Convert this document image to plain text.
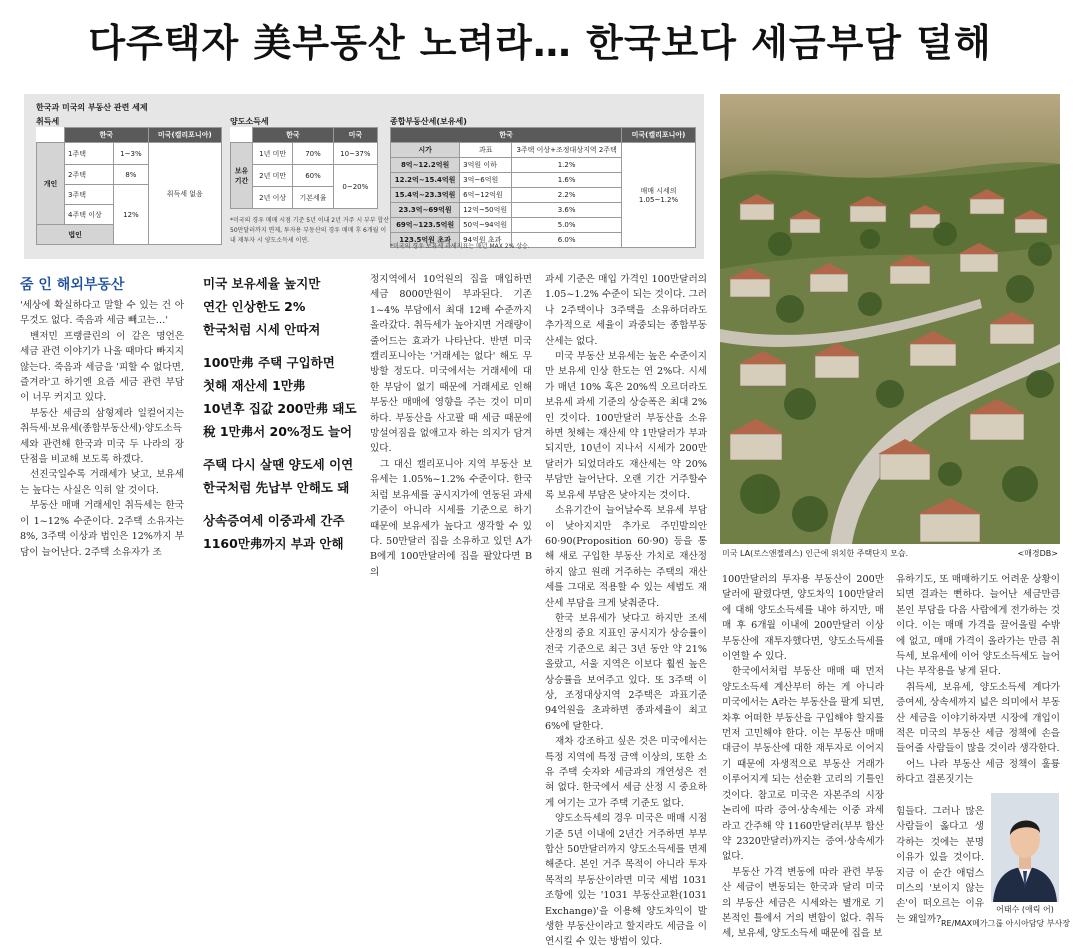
다주택자 美부동산 노려라… 한국보다 세금부담 덜해
한국과 미국의 부동산 관련 세제
취득세
	한국		미국(캘리포니아)
개인	1주택	1~3%	취득세 없음
	2주택	8%	
	3주택	12%	
	4주택 이상		
법인			
양도소득세
	한국		미국
보유 기간	1년 미만	70%	10~37%
	2년 미만	60%	0~20%
	2년 이상	기본세율	
*미국의 경우 매매 시점 기준 5년 이내 2년 거주 시 부부 합산 50만달러까지 면제, 투자용 부동산의 경우 매매 후 6개월 이내 재투자 시 양도소득세 이연.
종합부동산세(보유세)
한국			미국(캘리포니아)
시가	과표	3주택 이상+조정대상지역 2주택	매매 시세의 1.05~1.2%
8억~12.2억원	3억원 이하	1.2%	
12.2억~15.4억원	3억~6억원	1.6%	
15.4억~23.3억원	6억~12억원	2.2%	
23.3억~69억원	12억~50억원	3.6%	
69억~123.5억원	50억~94억원	5.0%	
123.5억원 초과	94억원 초과	6.0%	
*미국의 경우 보유세 과세지표는 매년 MAX 2% 상승.
미국 LA(로스앤젤레스) 인근에 위치한 주택단지 모습.	<매경DB>
줌 인 해외부동산

'세상에 확실하다고 말할 수 있는 건 아무것도 없다. 죽음과 세금 빼고는…'

벤저민 프랭클린의 이 같은 명언은 세금 관련 이야기가 나올 때마다 빠지지 않는다. 죽음과 세금을 '피할 수 없다면, 즐겨라'고 하기엔 요즘 세금 관련 부담이 너무 커지고 있다.

부동산 세금의 삼형제라 일컬어지는 취득세·보유세(종합부동산세)·양도소득세와 관련해 한국과 미국 두 나라의 장단점을 비교해 보도록 하겠다.

선진국일수록 거래세가 낮고, 보유세는 높다는 사실은 익히 알 것이다.

부동산 매매 거래세인 취득세는 한국이 1~12% 수준이다. 2주택 소유자는 8%, 3주택 이상과 법인은 12%까지 부담이 늘어난다. 2주택 소유자가 조

미국 보유세율 높지만
연간 인상한도 2%
한국처럼 시세 안따져
100만弗 주택 구입하면
첫해 재산세 1만弗
10년후 집값 200만弗 돼도
稅 1만弗서 20%정도 늘어
주택 다시 살땐 양도세 이연
한국처럼 先납부 안해도 돼
상속증여세 이중과세 간주
1160만弗까지 부과 안해

정지역에서 10억원의 집을 매입하면 세금 8000만원이 부과된다. 기존 1~4% 부담에서 최대 12배 수준까지 올라갔다. 취득세가 높아지면 거래량이 줄어드는 효과가 나타난다. 반면 미국 캘리포니아는 '거래세는 없다' 해도 무방할 정도다. 미국에서는 거래세에 대한 부담이 없기 때문에 거래세로 인해 부동산 매매에 영향을 주는 것이 미미하다. 부동산을 사고팔 때 세금 때문에 망설여짐을 없애고자 하는 의지가 담겨 있다.

그 대신 캘리포니아 지역 부동산 보유세는 1.05%~1.2% 수준이다. 한국처럼 보유세를 공시지가에 연동된 과세 기준이 아니라 시세를 기준으로 하기 때문에 보유세가 높다고 생각할 수 있다. 50만달러 집을 소유하고 있던 A가 B에게 100만달러에 집을 팔았다면 B의

과세 기준은 매입 가격인 100만달러의 1.05~1.2% 수준이 되는 것이다. 그러나 2주택이나 3주택을 소유하더라도 추가적으로 세율이 과중되는 종합부동산세는 없다.

미국 부동산 보유세는 높은 수준이지만 보유세 인상 한도는 연 2%다. 시세가 매년 10% 혹은 20%씩 오르더라도 보유세 과세 기준의 상승폭은 최대 2%인 것이다. 100만달러 부동산을 소유하면 첫해는 재산세 약 1만달러가 부과되지만, 10년이 지나서 시세가 200만달러가 되었더라도 재산세는 약 20% 부담만 늘어난다. 오랜 기간 거주할수록 보유세 부담은 낮아지는 것이다.

소유기간이 늘어날수록 보유세 부담이 낮아지지만 추가로 주민발의안 60·90(Proposition 60·90) 등을 통해 새로 구입한 부동산 가치로 재산정하지 않고 원래 거주하는 주택의 재산세를 그대로 적용할 수 있는 세법도 재산세 부담을 크게 낮춰준다.

한국 보유세가 낮다고 하지만 조세 산정의 중요 지표인 공시지가 상승률이 전국 기준으로 최근 3년 동안 약 21% 올랐고, 서울 지역은 이보다 훨씬 높은 상승률을 보여주고 있다. 또 3주택 이상, 조정대상지역 2주택은 과표기준 94억원을 초과하면 종과세율이 최고 6%에 달한다.

재차 강조하고 싶은 것은 미국에서는 특정 지역에 특정 금액 이상의, 또한 소유 주택 숫자와 세금과의 개연성은 전혀 없다. 한국에서 세금 산정 시 중요하게 여기는 고가 주택 기준도 없다.

양도소득세의 경우 미국은 매매 시점 기준 5년 이내에 2년간 거주하면 부부 합산 50만달러까지 양도소득세를 면제해준다. 본인 거주 목적이 아니라 투자 목적의 부동산이라면 미국 세법 1031조항에 있는 '1031 부동산교환(1031 Exchange)'을 이용해 양도차익이 발생한 부동산이라고 할지라도 세금을 이연시킬 수 있는 방법이 있다.

100만달러의 투자용 부동산이 200만달러에 팔렸다면, 양도차익 100만달러에 대해 양도소득세를 내야 하지만, 매매 후 6개월 이내에 200만달러 이상 부동산에 재투자했다면, 양도소득세를 이연할 수 있다.

한국에서처럼 부동산 매매 때 먼저 양도소득세 계산부터 하는 게 아니라 미국에서는 A라는 부동산을 팔게 되면, 차후 어떠한 부동산을 구입해야 할지를 먼저 고민해야 한다. 이는 부동산 매매 대금이 부동산에 대한 재투자로 이어지기 때문에 자생적으로 부동산 거래가 이루어지게 되는 선순환 고리의 기틀인 것이다. 참고로 미국은 자본주의 시장 논리에 따라 증여·상속세는 이중 과세라고 간주해 약 1160만달러(부부 합산 약 2320만달러)까지는 증여·상속세가 없다.

부동산 가격 변동에 따라 관련 부동산 세금이 변동되는 한국과 달리 미국의 부동산 세금은 시세와는 별개로 기본적인 틀에서 거의 변함이 없다. 취득세, 보유세, 양도소득세 때문에 집을 보

유하기도, 또 매매하기도 어려운 상황이 되면 결과는 뻔하다. 늘어난 세금만큼 본인 부담을 다음 사람에게 전가하는 것이다. 이는 매매 가격을 끌어올릴 수밖에 없고, 매매 가격이 올라가는 만큼 취득세, 보유세에 이어 양도소득세도 늘어나는 부작용을 낳게 된다.

취득세, 보유세, 양도소득세 계다가 증여세, 상속세까지 넓은 의미에서 부동산 세금을 이야기하자면 시장에 개입이 적은 미국의 부동산 세금 정책에 손을 들어줄 사람들이 많을 것이라 생각한다.

어느 나라 부동산 세금 정책이 훌륭하다고 결론짓기는

힘들다. 그러나 많은 사람들이 옳다고 생각하는 것에는 분명 이유가 있을 것이다. 지금 이 순간 애덤스미스의 '보이지 않는 손'이 떠오르는 이유는 왜일까?

어태수 (애릭 어)
RE/MAX메가그룹 아시아담당 부사장
